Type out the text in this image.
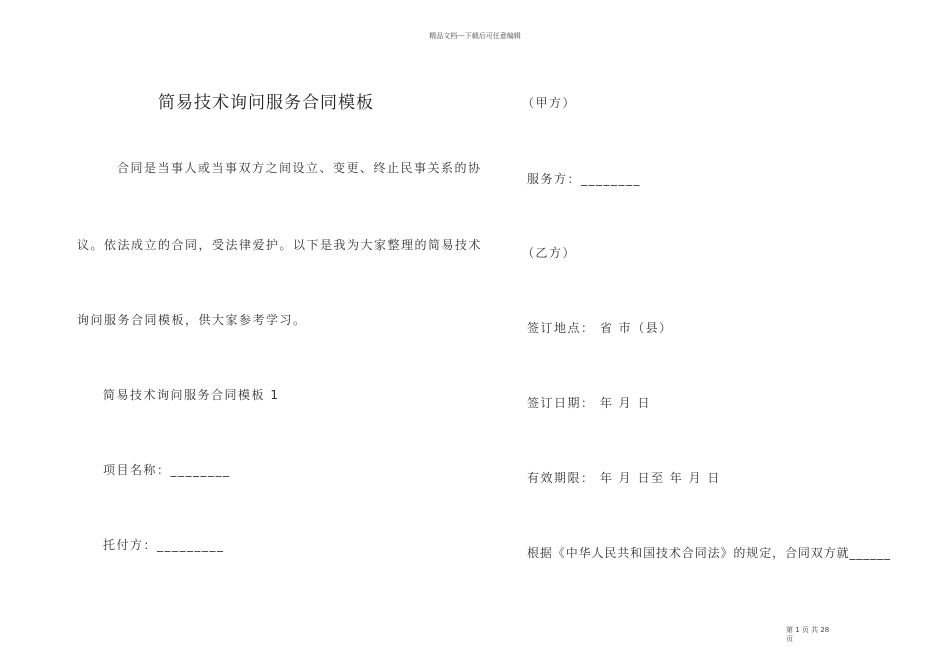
精品文档---下载后可任意编辑
简易技术询问服务合同模板
合同是当事人或当事双方之间设立、变更、终止民事关系的协
议。依法成立的合同，受法律爱护。以下是我为大家整理的简易技术
询问服务合同模板，供大家参考学习。
简易技术询问服务合同模板 1
项目名称：________
托付方：_________
（甲方）
服务方：________
（乙方）
签订地点： 省 市（县）
签订日期： 年 月 日
有效期限： 年 月 日至 年 月 日
根据《中华人民共和国技术合同法》的规定，合同双方就______
第 1 页 共 28 页
